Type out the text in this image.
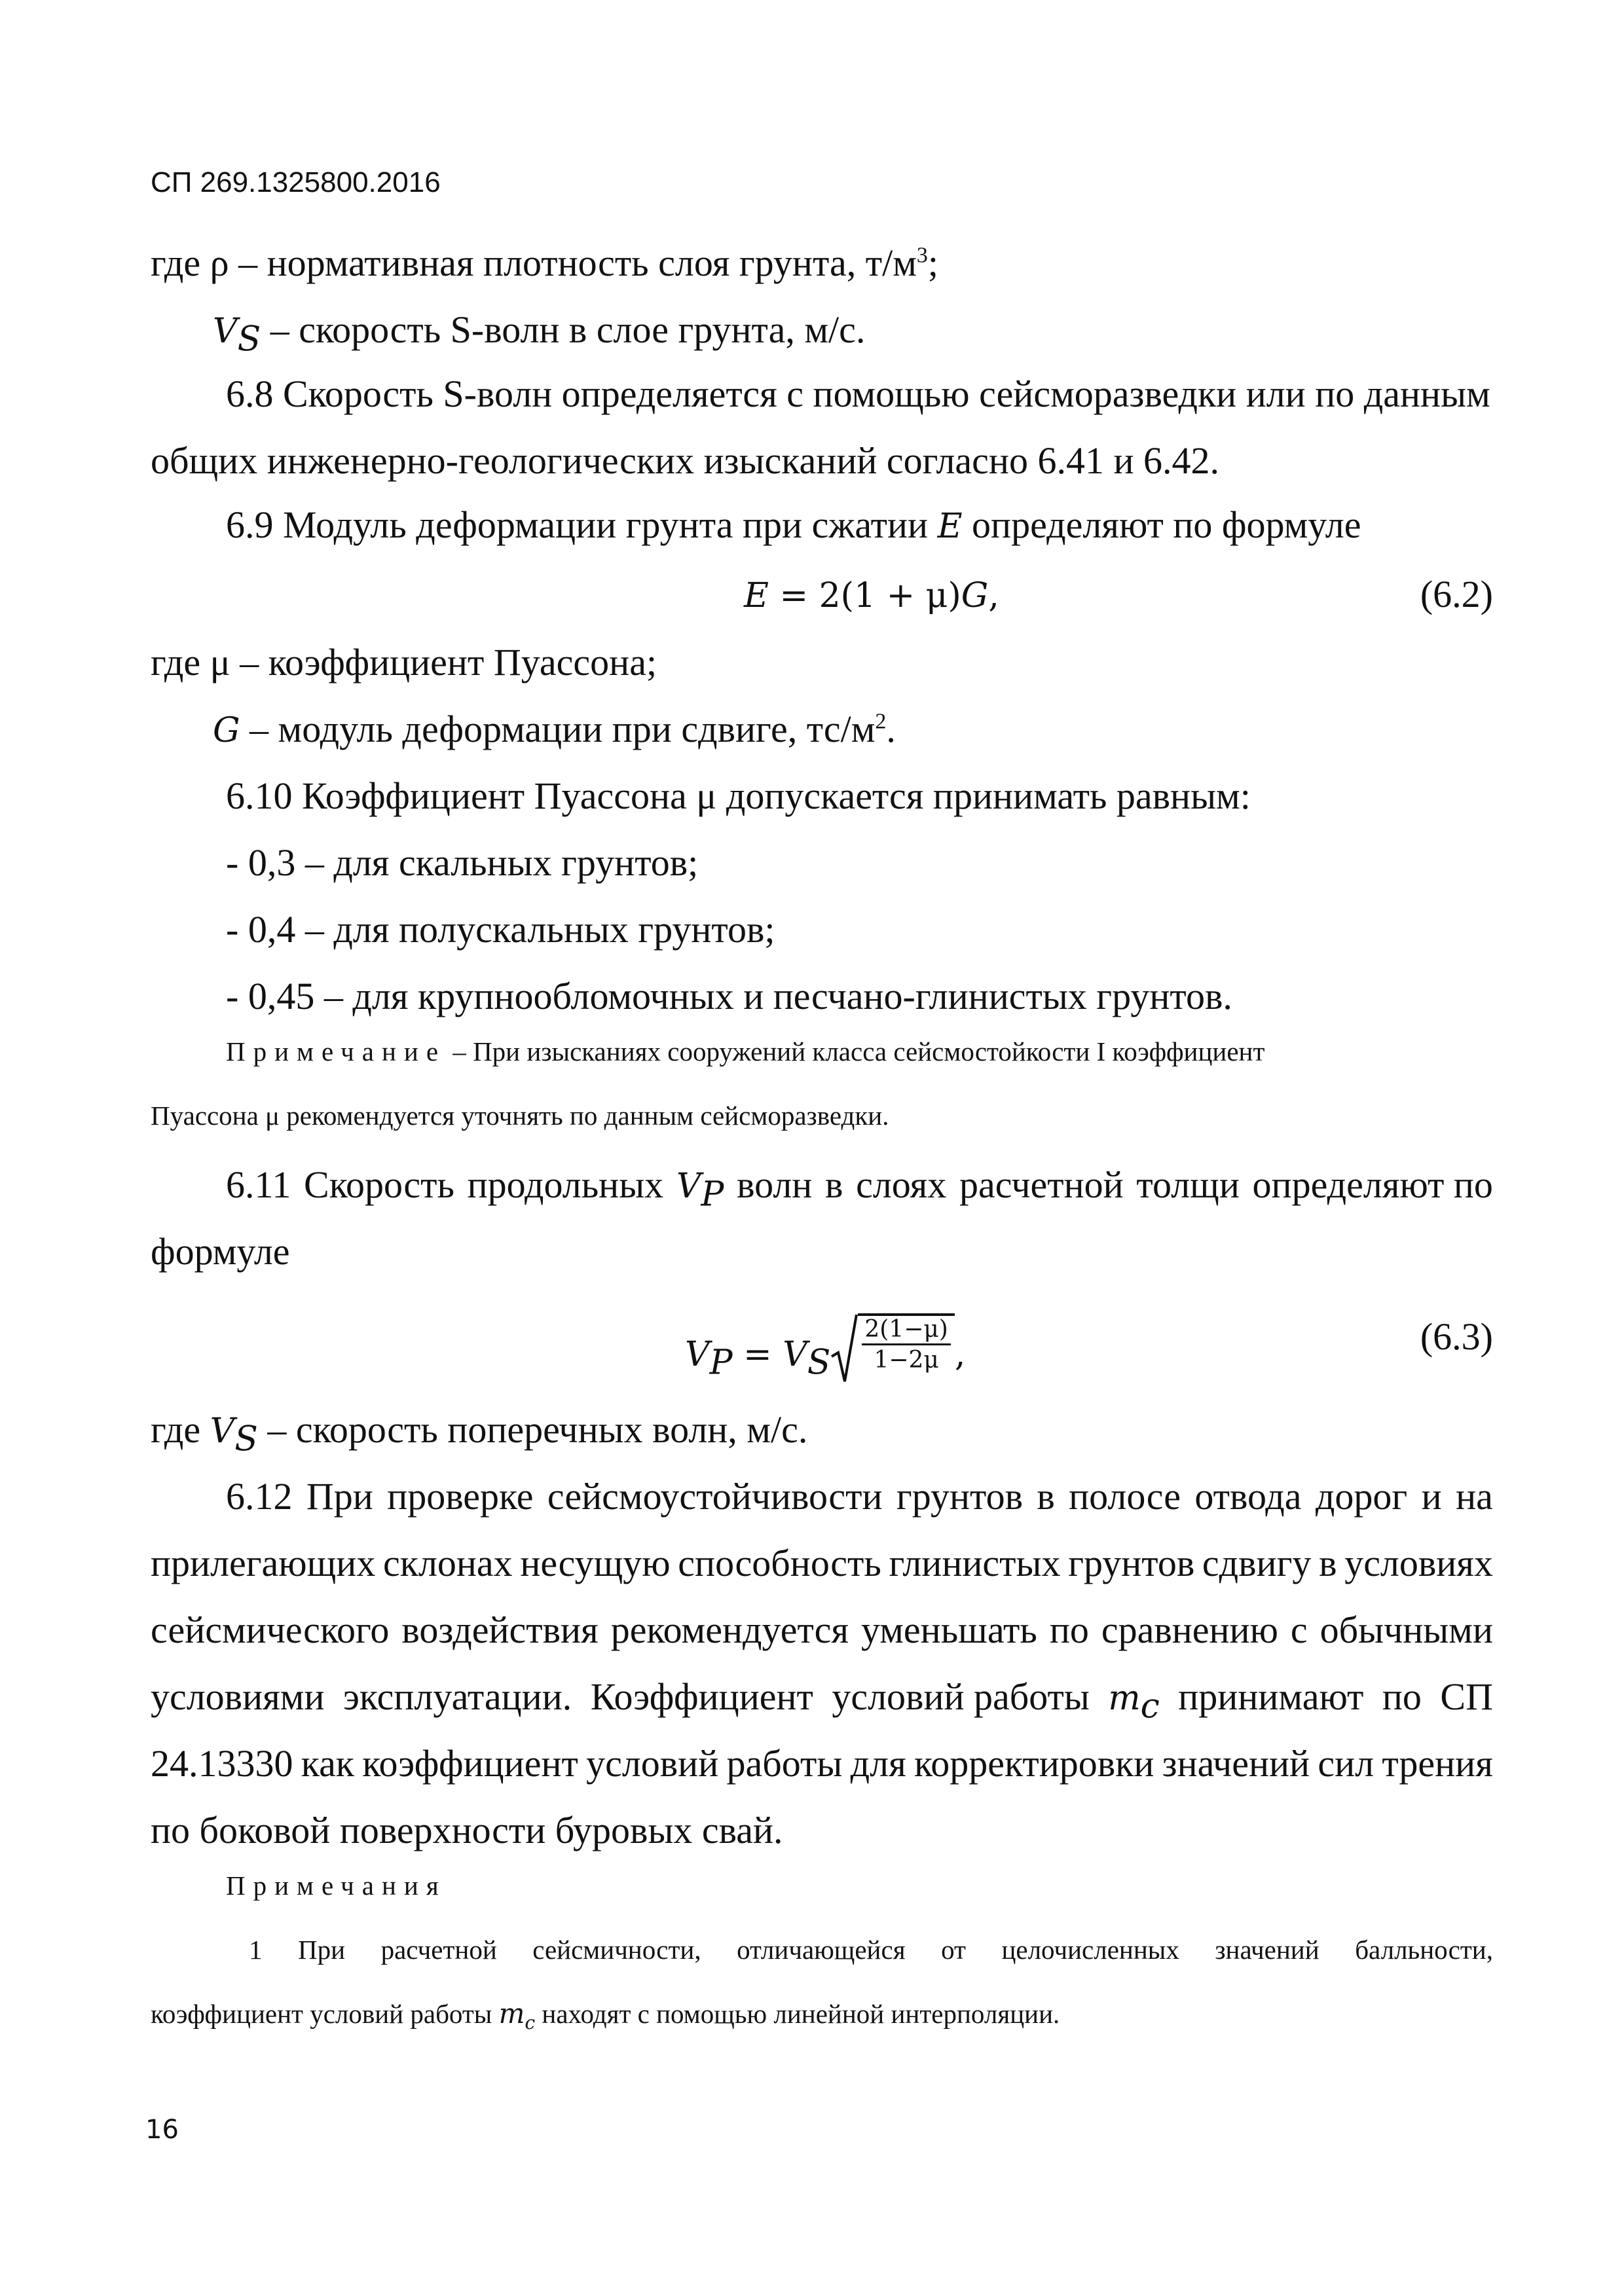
СП 269.1325800.2016
где ρ – нормативная плотность слоя грунта, $т/м^3$;
$V_S$ – скорость S-волн в слое грунта, м/с.
6.8 Скорость S-волн определяется с помощью сейсморазведки или по данным
общих инженерно-геологических изысканий согласно 6.41 и 6.42.
6.9 Модуль деформации грунта при сжатии E определяют по формуле
E = 2(1 + μ)G,	(6.2)
где μ – коэффициент Пуассона;
G – модуль деформации при сдвиге, $тс/м^2$.
6.10 Коэффициент Пуассона μ допускается принимать равным:
- 0,3 – для скальных грунтов;
- 0,4 – для полускальных грунтов;
- 0,45 – для крупнообломочных и песчано-глинистых грунтов.
Примечание – При изысканиях сооружений класса сейсмостойкости I коэффициент
Пуассона μ рекомендуется уточнять по данным сейсморазведки.
6.11 Скорость продольных $V_P$ волн в слоях расчетной толщи определяют по
формуле
$V_P = V_S$
2(1−μ)
1−2μ ,	(6.3)
где $V_S$ – скорость поперечных волн, м/с.
6.12 При проверке сейсмоустойчивости грунтов в полосе отвода дорог и на
прилегающих склонах несущую способность глинистых грунтов сдвигу в условиях
сейсмического воздействия рекомендуется уменьшать по сравнению с обычными
условиями эксплуатации. Коэффициент условий работы $m_c$ принимают по СП
24.13330 как коэффициент условий работы для корректировки значений сил трения
по боковой поверхности буровых свай.
Примечания
1 При расчетной сейсмичности, отличающейся от целочисленных значений балльности,
коэффициент условий работы $m_c$ находят с помощью линейной интерполяции.
16
